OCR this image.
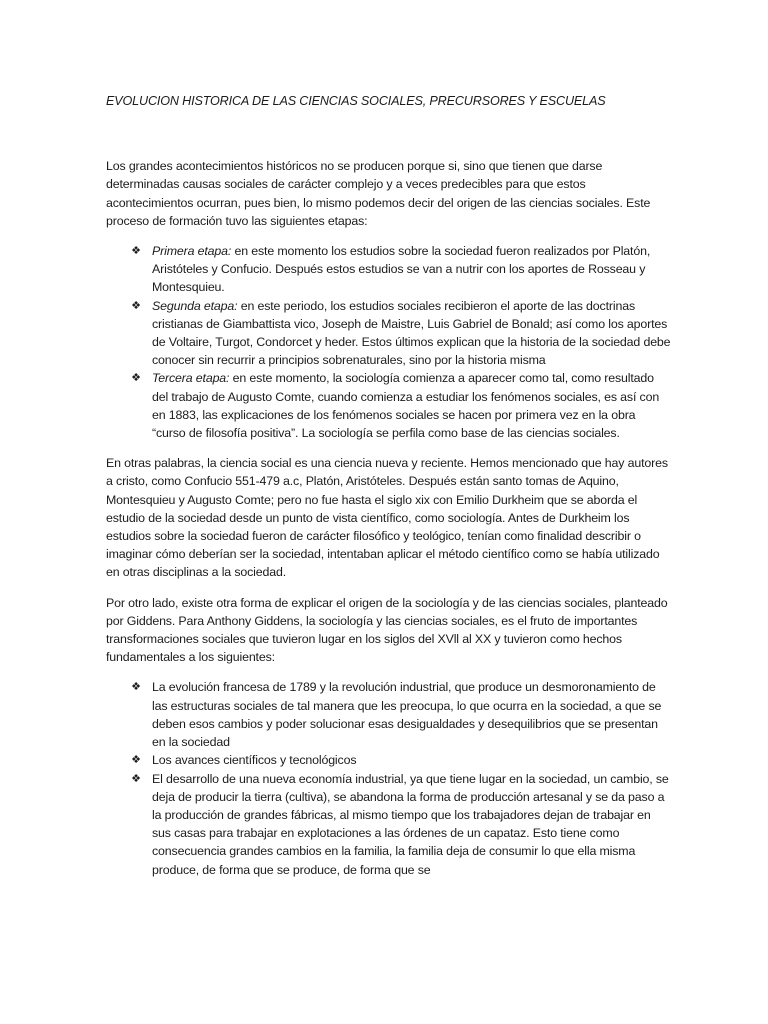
EVOLUCION HISTORICA DE LAS CIENCIAS SOCIALES, PRECURSORES Y ESCUELAS

Los grandes acontecimientos históricos no se producen porque si, sino que tienen que darse determinadas causas sociales de carácter complejo y a veces predecibles para que estos acontecimientos ocurran, pues bien, lo mismo podemos decir del origen de las ciencias sociales. Este proceso de formación tuvo las siguientes etapas:

❖ Primera etapa: en este momento los estudios sobre la sociedad fueron realizados por Platón, Aristóteles y Confucio. Después estos estudios se van a nutrir con los aportes de Rosseau y Montesquieu.
❖ Segunda etapa: en este periodo, los estudios sociales recibieron el aporte de las doctrinas cristianas de Giambattista vico, Joseph de Maistre, Luis Gabriel de Bonald; así como los aportes de Voltaire, Turgot, Condorcet y heder. Estos últimos explican que la historia de la sociedad debe conocer sin recurrir a principios sobrenaturales, sino por la historia misma
❖ Tercera etapa: en este momento, la sociología comienza a aparecer como tal, como resultado del trabajo de Augusto Comte, cuando comienza a estudiar los fenómenos sociales, es así con en 1883, las explicaciones de los fenómenos sociales se hacen por primera vez en la obra “curso de filosofía positiva”. La sociología se perfila como base de las ciencias sociales.

En otras palabras, la ciencia social es una ciencia nueva y reciente. Hemos mencionado que hay autores a cristo, como Confucio 551-479 a.c, Platón, Aristóteles. Después están santo tomas de Aquino, Montesquieu y Augusto Comte; pero no fue hasta el siglo xix con Emilio Durkheim que se aborda el estudio de la sociedad desde un punto de vista científico, como sociología. Antes de Durkheim los estudios sobre la sociedad fueron de carácter filosófico y teológico, tenían como finalidad describir o imaginar cómo deberían ser la sociedad, intentaban aplicar el método científico como se había utilizado en otras disciplinas a la sociedad.

Por otro lado, existe otra forma de explicar el origen de la sociología y de las ciencias sociales, planteado por Giddens. Para Anthony Giddens, la sociología y las ciencias sociales, es el fruto de importantes transformaciones sociales que tuvieron lugar en los siglos del XVll al XX y tuvieron como hechos fundamentales a los siguientes:

❖ La evolución francesa de 1789 y la revolución industrial, que produce un desmoronamiento de las estructuras sociales de tal manera que les preocupa, lo que ocurra en la sociedad, a que se deben esos cambios y poder solucionar esas desigualdades y desequilibrios que se presentan en la sociedad
❖ Los avances científicos y tecnológicos
❖ El desarrollo de una nueva economía industrial, ya que tiene lugar en la sociedad, un cambio, se deja de producir la tierra (cultiva), se abandona la forma de producción artesanal y se da paso a la producción de grandes fábricas, al mismo tiempo que los trabajadores dejan de trabajar en sus casas para trabajar en explotaciones a las órdenes de un capataz. Esto tiene como consecuencia grandes cambios en la familia, la familia deja de consumir lo que ella misma produce, de forma que se produce, de forma que se
